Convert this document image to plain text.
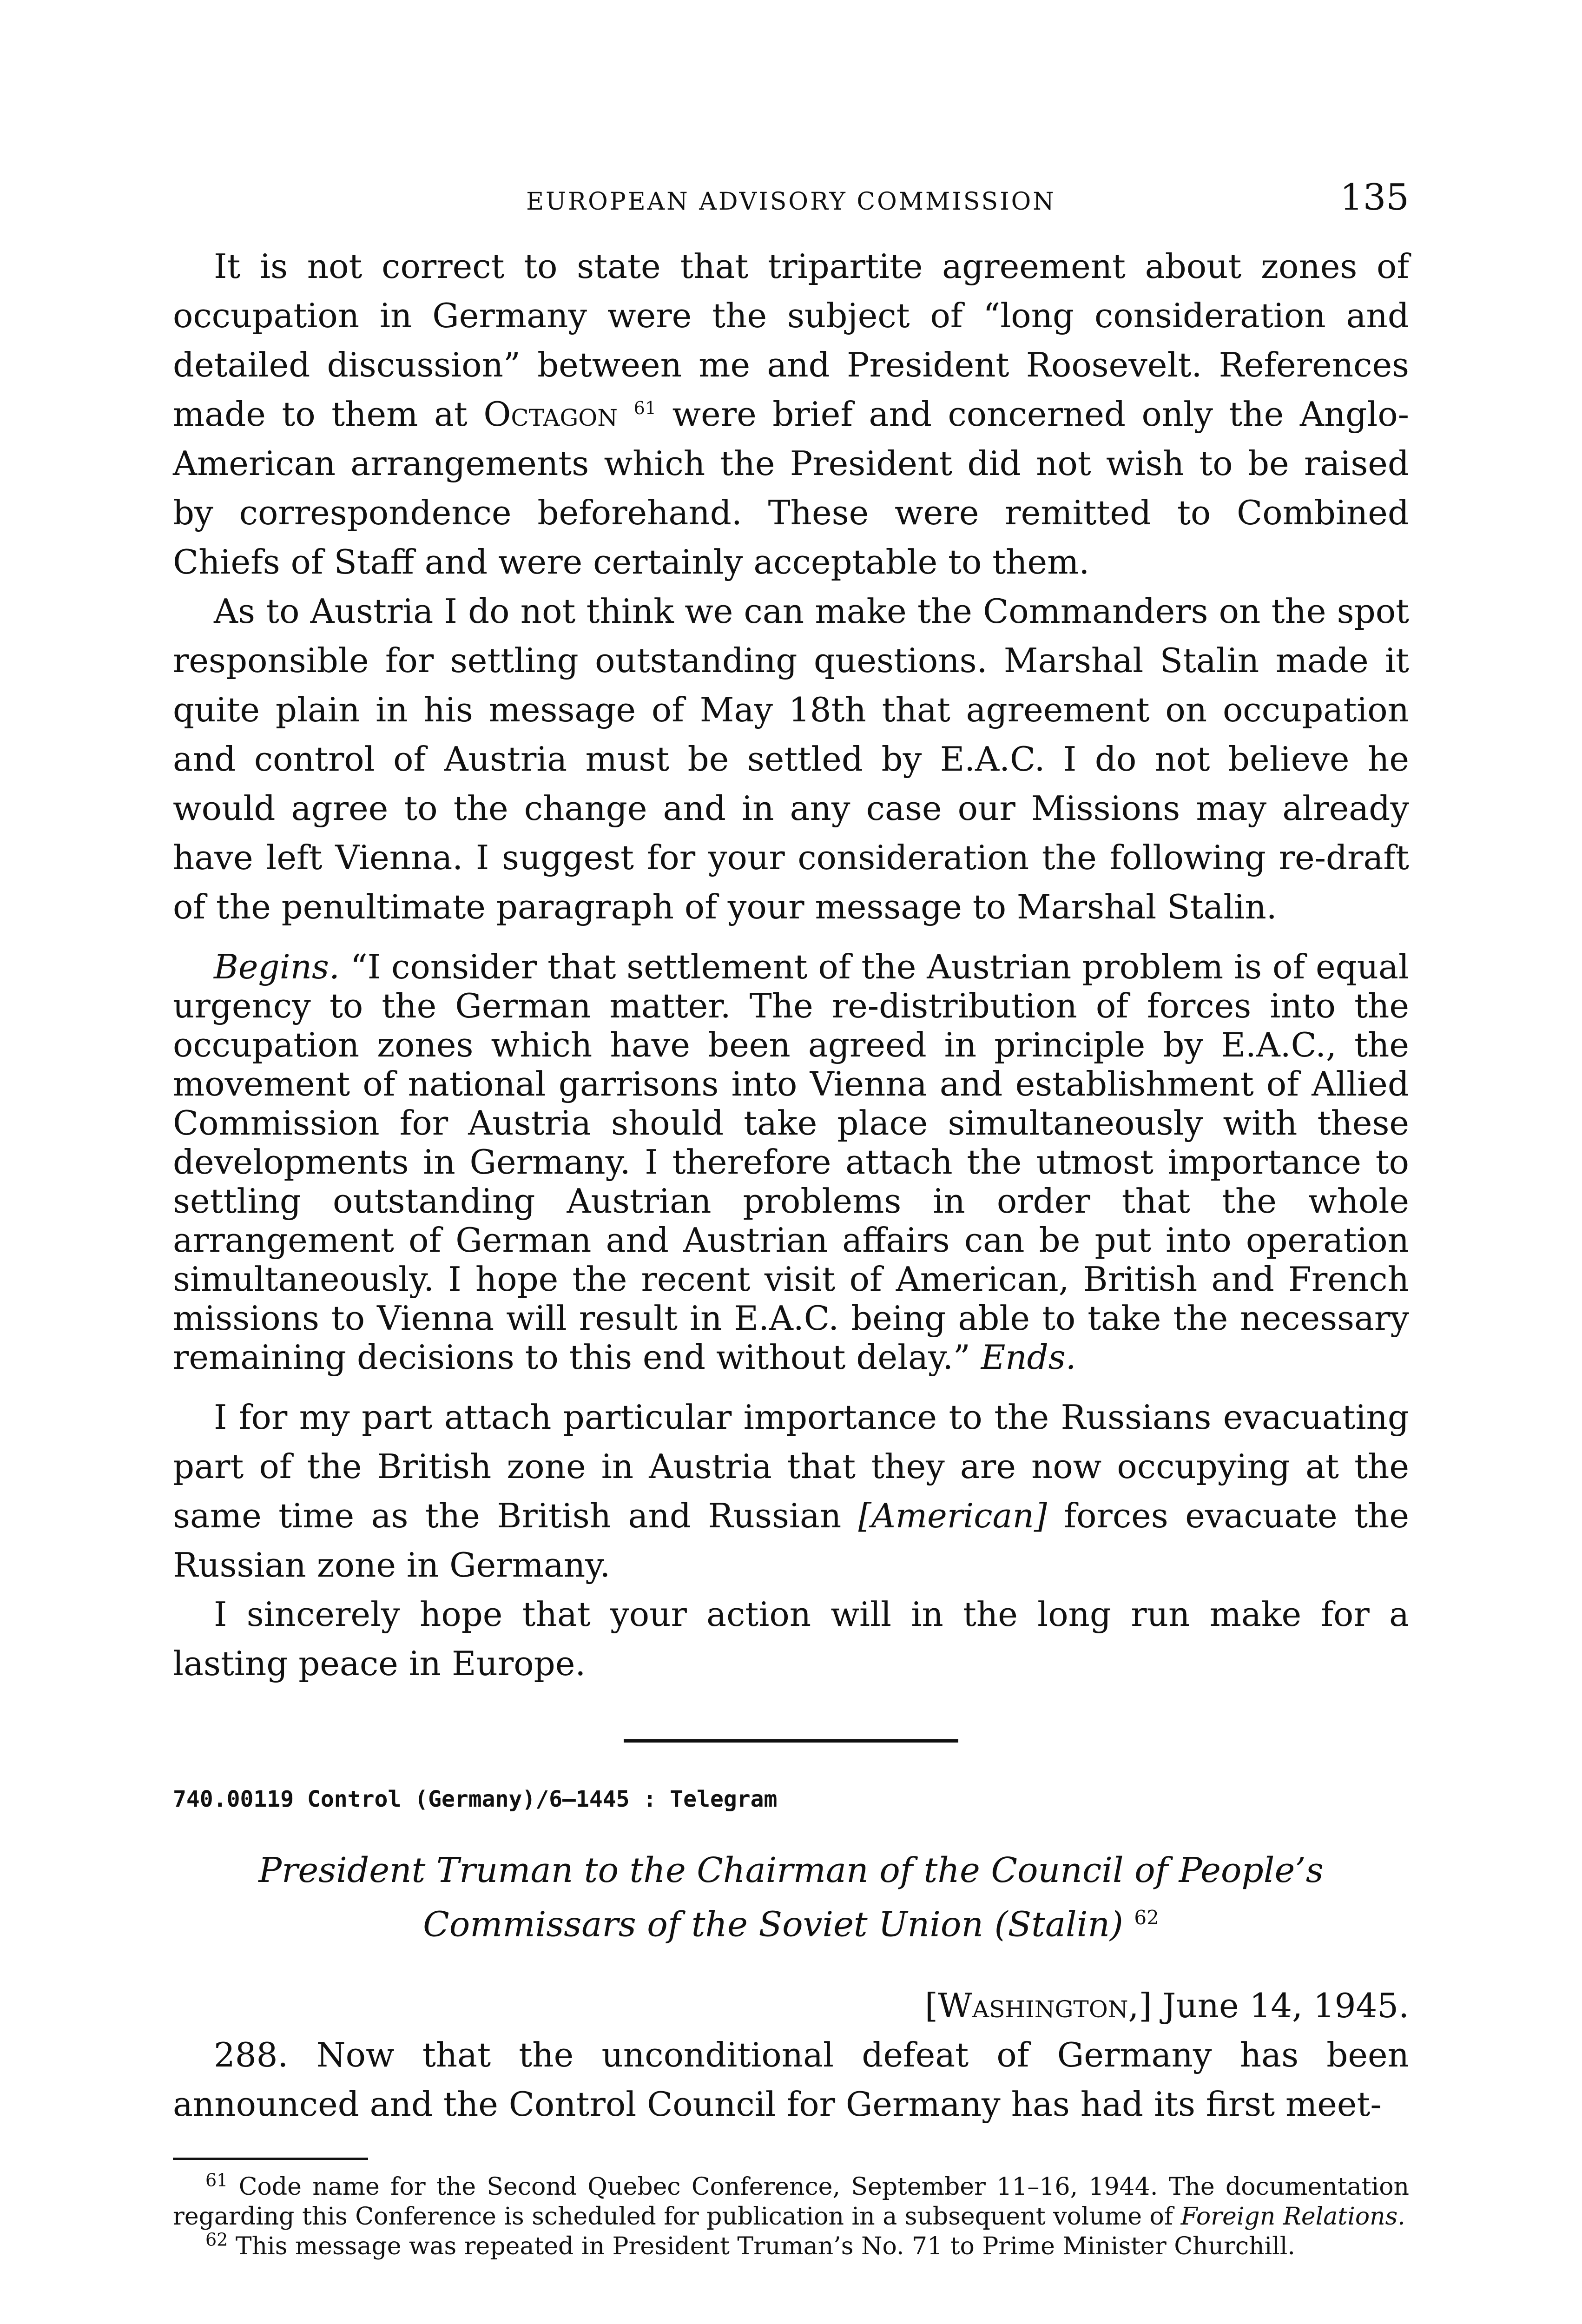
EUROPEAN ADVISORY COMMISSION	135

It is not correct to state that tripartite agreement about zones of occupation in Germany were the subject of “long consideration and detailed discussion” between me and President Roosevelt. References made to them at Octagon $^{61}$ were brief and concerned only the Anglo-American arrangements which the President did not wish to be raised by correspondence beforehand. These were remitted to Combined Chiefs of Staff and were certainly acceptable to them.

As to Austria I do not think we can make the Commanders on the spot responsible for settling outstanding questions. Marshal Stalin made it quite plain in his message of May 18th that agreement on occupation and control of Austria must be settled by E.A.C. I do not believe he would agree to the change and in any case our Missions may already have left Vienna. I suggest for your consideration the following re-draft of the penultimate paragraph of your message to Marshal Stalin.

Begins. “I consider that settlement of the Austrian problem is of equal urgency to the German matter. The re-distribution of forces into the occupation zones which have been agreed in principle by E.A.C., the movement of national garrisons into Vienna and establishment of Allied Commission for Austria should take place simultaneously with these developments in Germany. I therefore attach the utmost importance to settling outstanding Austrian problems in order that the whole arrangement of German and Austrian affairs can be put into operation simultaneously. I hope the recent visit of American, British and French missions to Vienna will result in E.A.C. being able to take the necessary remaining decisions to this end without delay.” Ends.

I for my part attach particular importance to the Russians evacuating part of the British zone in Austria that they are now occupying at the same time as the British and Russian [American] forces evacuate the Russian zone in Germany.

I sincerely hope that your action will in the long run make for a lasting peace in Europe.

740.00119 Control (Germany)/6–1445 : Telegram

President Truman to the Chairman of the Council of People’s Commissars of the Soviet Union (Stalin) $^{62}$

[Washington,] June 14, 1945.

288. Now that the unconditional defeat of Germany has been announced and the Control Council for Germany has had its first meet-

$^{61}$ Code name for the Second Quebec Conference, September 11–16, 1944. The documentation regarding this Conference is scheduled for publication in a subsequent volume of Foreign Relations.

$^{62}$ This message was repeated in President Truman’s No. 71 to Prime Minister Churchill.
